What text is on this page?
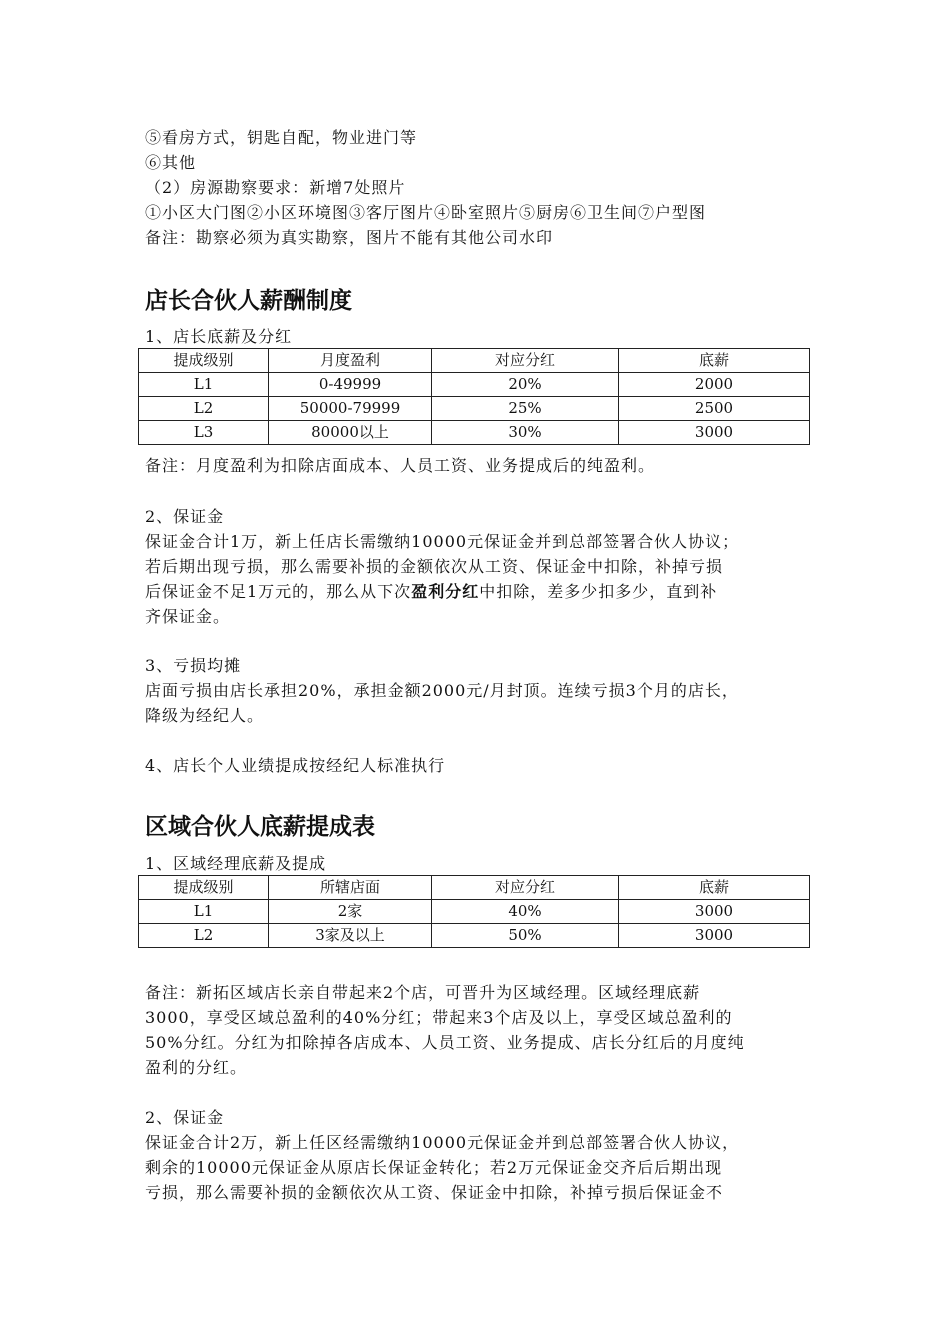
⑤看房方式，钥匙自配，物业进门等
⑥其他
（2）房源勘察要求：新增7处照片
①小区大门图②小区环境图③客厅图片④卧室照片⑤厨房⑥卫生间⑦户型图
备注：勘察必须为真实勘察，图片不能有其他公司水印
店长合伙人薪酬制度
1、店长底薪及分红
提成级别	月度盈利	对应分红	底薪
L1	0-49999	20%	2000
L2	50000-79999	25%	2500
L3	80000以上	30%	3000
备注：月度盈利为扣除店面成本、人员工资、业务提成后的纯盈利。
2、保证金
保证金合计1万，新上任店长需缴纳10000元保证金并到总部签署合伙人协议；
若后期出现亏损，那么需要补损的金额依次从工资、保证金中扣除，补掉亏损
后保证金不足1万元的，那么从下次盈利分红中扣除，差多少扣多少，直到补
齐保证金。
3、亏损均摊
店面亏损由店长承担20%，承担金额2000元/月封顶。连续亏损3个月的店长，
降级为经纪人。
4、店长个人业绩提成按经纪人标准执行
区域合伙人底薪提成表
1、区域经理底薪及提成
提成级别	所辖店面	对应分红	底薪
L1	2家	40%	3000
L2	3家及以上	50%	3000
备注：新拓区域店长亲自带起来2个店，可晋升为区域经理。区域经理底薪
3000，享受区域总盈利的40%分红；带起来3个店及以上，享受区域总盈利的
50%分红。分红为扣除掉各店成本、人员工资、业务提成、店长分红后的月度纯
盈利的分红。
2、保证金
保证金合计2万，新上任区经需缴纳10000元保证金并到总部签署合伙人协议，
剩余的10000元保证金从原店长保证金转化；若2万元保证金交齐后后期出现
亏损，那么需要补损的金额依次从工资、保证金中扣除，补掉亏损后保证金不
